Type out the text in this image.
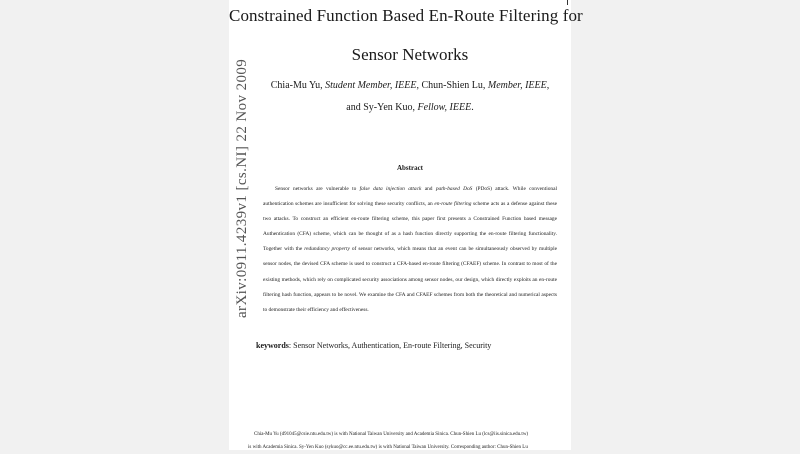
Constrained Function Based En-Route Filtering for
Sensor Networks
arXiv:0911.4239v1 [cs.NI] 22 Nov 2009	Chia-Mu Yu, Student Member, IEEE, Chun-Shien Lu, Member, IEEE,
and Sy-Yen Kuo, Fellow, IEEE.
Abstract
Sensor networks are vulnerable to false data injection attack and path-based DoS (PDoS) attack. While conventional authentication schemes are insufficient for solving these security conflicts, an en-route filtering scheme acts as a defense against these two attacks. To construct an efficient en-route filtering scheme, this paper first presents a Constrained Function based message Authentication (CFA) scheme, which can be thought of as a hash function directly supporting the en-route filtering functionality. Together with the redundancy property of sensor networks, which means that an event can be simultaneously observed by multiple sensor nodes, the devised CFA scheme is used to construct a CFA-based en-route filtering (CFAEF) scheme. In contrast to most of the existing methods, which rely on complicated security associations among sensor nodes, our design, which directly exploits an en-route filtering hash function, appears to be novel. We examine the CFA and CFAEF schemes from both the theoretical and numerical aspects to demonstrate their efficiency and effectiveness.
keywords: Sensor Networks, Authentication, En-route Filtering, Security
Chia-Mu Yu (d91045@csie.ntu.edu.tw) is with National Taiwan University and Academia Sinica. Chun-Shien Lu (lcs@iis.sinica.edu.tw)
is with Academia Sinica. Sy-Yen Kuo (sykuo@cc.ee.ntu.edu.tw) is with National Taiwan University. Corresponding author: Chun-Shien Lu
